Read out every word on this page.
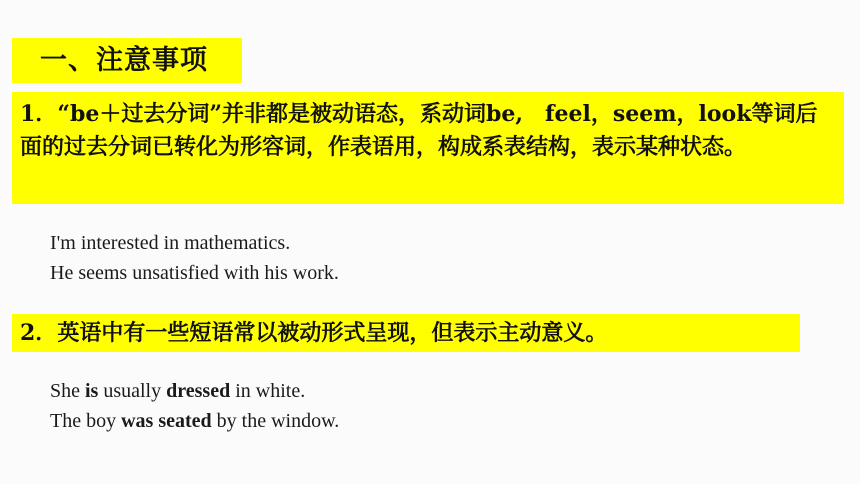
一、注意事项
1．“be＋过去分词”并非都是被动语态，系动词be,　feel，seem，look等词后面的过去分词已转化为形容词，作表语用，构成系表结构，表示某种状态。
I'm interested in mathematics.
He seems unsatisfied with his work.
2．英语中有一些短语常以被动形式呈现，但表示主动意义。
She is usually dressed in white.
The boy was seated by the window.
